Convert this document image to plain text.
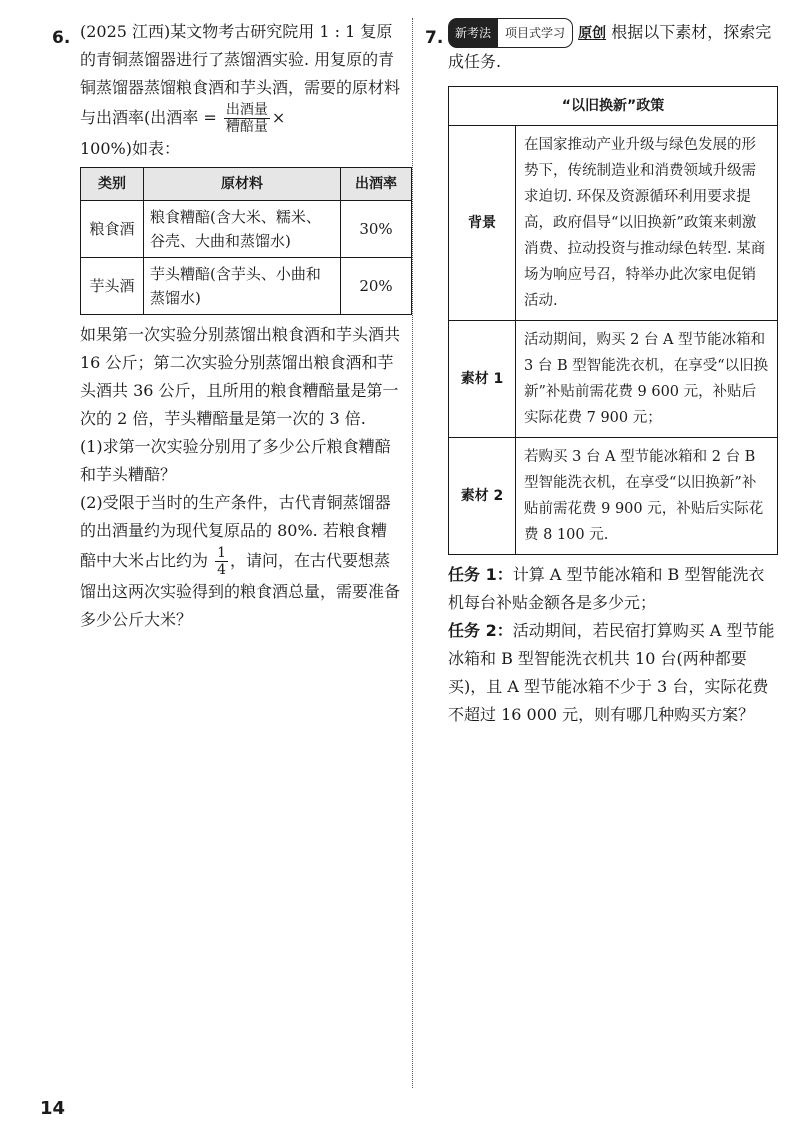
6. (2025 江西)某文物考古研究院用 1 : 1 复原的青铜蒸馏器进行了蒸馏酒实验. 用复原的青铜蒸馏器蒸馏粮食酒和芋头酒，需要的原材料与出酒率(出酒率 = $\frac{\text{出酒量}}{\text{糟醅量}}$ ×
100%)如表：

类别	原材料	出酒率
粮食酒	粮食糟醅(含大米、糯米、谷壳、大曲和蒸馏水)	30%
芋头酒	芋头糟醅(含芋头、小曲和蒸馏水)	20%

如果第一次实验分别蒸馏出粮食酒和芋头酒共 16 公斤；第二次实验分别蒸馏出粮食酒和芋头酒共 36 公斤，且所用的粮食糟醅量是第一次的 2 倍，芋头糟醅量是第一次的 3 倍.

(1)求第一次实验分别用了多少公斤粮食糟醅和芋头糟醅？

(2)受限于当时的生产条件，古代青铜蒸馏器的出酒量约为现代复原品的 80%. 若粮食糟醅中大米占比约为 $\frac{1}{4}$ ，请问，在古代要想蒸馏出这两次实验得到的粮食酒总量，需要准备多少公斤大米？

7. 新考法 项目式学习 原创 根据以下素材，探索完成任务.

“以旧换新”政策	
背景	在国家推动产业升级与绿色发展的形势下，传统制造业和消费领域升级需求迫切. 环保及资源循环利用要求提高，政府倡导“以旧换新”政策来刺激消费、拉动投资与推动绿色转型. 某商场为响应号召，特举办此次家电促销活动.
素材 1	活动期间，购买 2 台 A 型节能冰箱和 3 台 B 型智能洗衣机，在享受“以旧换新”补贴前需花费 9 600 元，补贴后实际花费 7 900 元；
素材 2	若购买 3 台 A 型节能冰箱和 2 台 B 型智能洗衣机，在享受“以旧换新”补贴前需花费 9 900 元，补贴后实际花费 8 100 元.

任务 1：计算 A 型节能冰箱和 B 型智能洗衣机每台补贴金额各是多少元；

任务 2：活动期间，若民宿打算购买 A 型节能冰箱和 B 型智能洗衣机共 10 台(两种都要买)，且 A 型节能冰箱不少于 3 台，实际花费不超过 16 000 元，则有哪几种购买方案？

14
